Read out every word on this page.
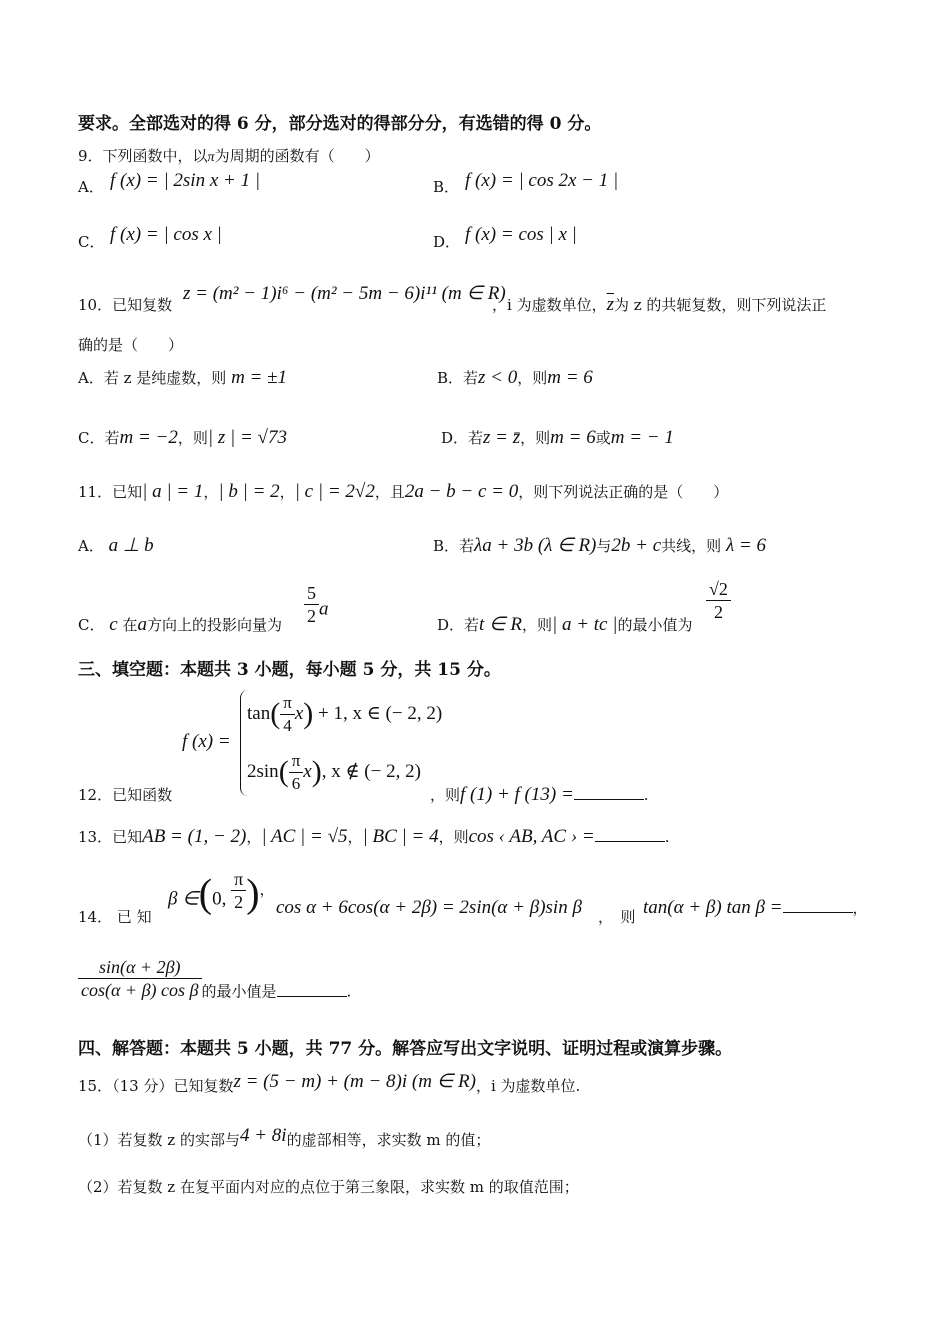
要求。全部选对的得 6 分，部分选对的得部分分，有选错的得 0 分。
9．下列函数中，以π为周期的函数有（　　）
A． f (x) = | 2sin x + 1 |	B． f (x) = | cos 2x − 1 |
C． f (x) = | cos x |	D． f (x) = cos | x |
10．已知复数
z = (m² − 1)i⁶ − (m² − 5m − 6)i¹¹ (m ∈ R)
，i 为虚数单位，$\overline{z}$为 z 的共轭复数，则下列说法正
确的是（　　）
A．若 z 是纯虚数，则 m = ±1	B．若z < 0，则m = 6
C．若m = −2，则| z | = √73	D．若z = z̄，则m = 6或m = − 1
11．已知| a | = 1，| b | = 2，| c | = 2√2，且2a − b − c = 0，则下列说法正确的是（　　）
A． a ⊥ b	B．若λa + 3b (λ ∈ R)与2b + c共线，则 λ = 6
C． c 在a方向上的投影向量为 $\frac{5}{2}$ a
D．若t ∈ R，则| a + tc |的最小值为
$\frac{√2}{2}$
三、填空题：本题共 3 小题，每小题 5 分，共 15 分。
f (x) =
$\tan( \frac{\pi}{4} x) + 1$, x ∈ (− 2, 2)
$2\sin( \frac{\pi}{6} x)$, x ∉ (− 2, 2)
12．已知函数	，则f (1) + f (13) =	.
13．已知AB = (1, − 2)，| AC | = √5，| BC | = 4，则cos ‹ AB, AC › =	.
14． 已 知
β ∈(0, $\frac{\pi}{2}$ )，
cos α + 6cos(α + 2β) = 2sin(α + β)sin β ，　则 tan(α + β) tan β =	，
$\frac{\sin(\alpha + 2\beta)}{\text{cos(α + β) cos β}}$ 的最小值是	.
四、解答题：本题共 5 小题，共 77 分。解答应写出文字说明、证明过程或演算步骤。
15．（13 分）已知复数z = (5 − m) + (m − 8)i (m ∈ R)，i 为虚数单位.
（1）若复数 z 的实部与4 + 8i的虚部相等，求实数 m 的值；
（2）若复数 z 在复平面内对应的点位于第三象限，求实数 m 的取值范围；
